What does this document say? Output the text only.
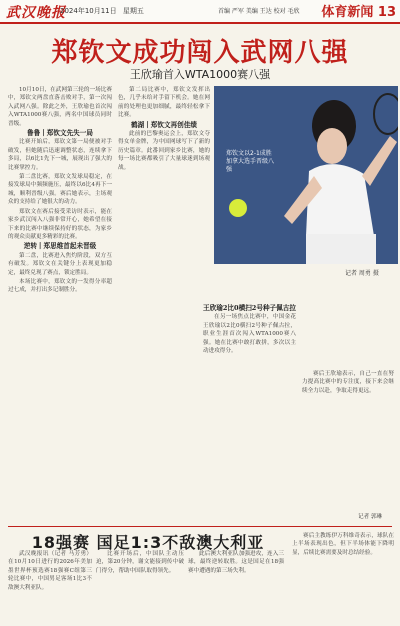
武汉晚报
2024年10月11日 星期五	首编 严军 美编 王达 校对 毛欣 体育新闻 13
郑钦文成功闯入武网八强
王欣瑜首入WTA1000赛八强

10月10日，在武网第三轮的一场比赛中，郑钦文两盘直落击败对手，第一次闯入武网八强。除此之外，王欣瑜也首次闯入WTA1000赛八强，两名中国球员同时晋级。

鲁鲁丨郑钦文先失一局

比赛开始后，郑钦文第一局便被对手破发，但她随后迅速调整状态，连续拿下多局，以6比1先下一城，展现出了强大的比赛掌控力。

第二盘比赛，郑钦文发球局稳定，在接发球局中频频施压，最终以6比4再下一城，顺利晋级八强。赛后她表示，主场观众的支持给了她很大的动力。

郑钦文在赛后接受采访时表示，能在家乡武汉闯入八强非常开心，她希望在接下来的比赛中继续保持好的状态，为家乡的观众贡献更多精彩的比赛。

逆转丨郑思维首起未晋级

第二盘，比赛进入焦灼阶段，双方互有破发。郑钦文在关键分上表现更加稳定，最终兑现了赛点，锁定胜局。

本场比赛中，郑钦文的一发得分率超过七成，并打出多记制胜分。

第二局比赛中，郑钦文发挥出色，几乎未给对手留下机会。她在网前的处理也更加细腻，最终轻松拿下比赛。

鹤湖丨郑钦文再创佳绩

此前的巴黎奥运会上，郑钦文夺得女单金牌，为中国网球写下了新的历史篇章。此番回到家乡比赛，她的每一场比赛都吸引了大量球迷到场观战。

郑钦文以2-1成胜加拿大选手晋级八强
记者 周勇 摄

王欣瑜2比0横扫2号种子佩古拉

在另一场焦点比赛中，中国金花王欣瑜以2比0横扫2号种子佩古拉，职业生涯首次闯入WTA1000赛八强。她在比赛中敢打敢拼，多次以主动进攻得分。

赛后王欣瑜表示，自己一直在努力提高比赛中的专注度，接下来会继续全力以赴，争取走得更远。

记者 郭琳
18强赛 国足1:3不敌澳大利亚

武汉晚报讯（记者 马芳勇）在10月10日进行的2026年美加墨世界杯预选赛18强赛C组第三轮比赛中，中国男足客场1比3不敌澳大利亚队。

比赛开场后，中国队主动压迫，第20分钟，谢文能接到传中破门得分，帮助中国队取得领先。

此后澳大利亚队加强进攻，连入三球，最终逆转取胜。这是国足在18强赛中遭遇的第三场失利。

赛后主教练伊万科维奇表示，球队在上半场表现出色，但下半场体能下降明显，后续比赛需要及时总结经验。
